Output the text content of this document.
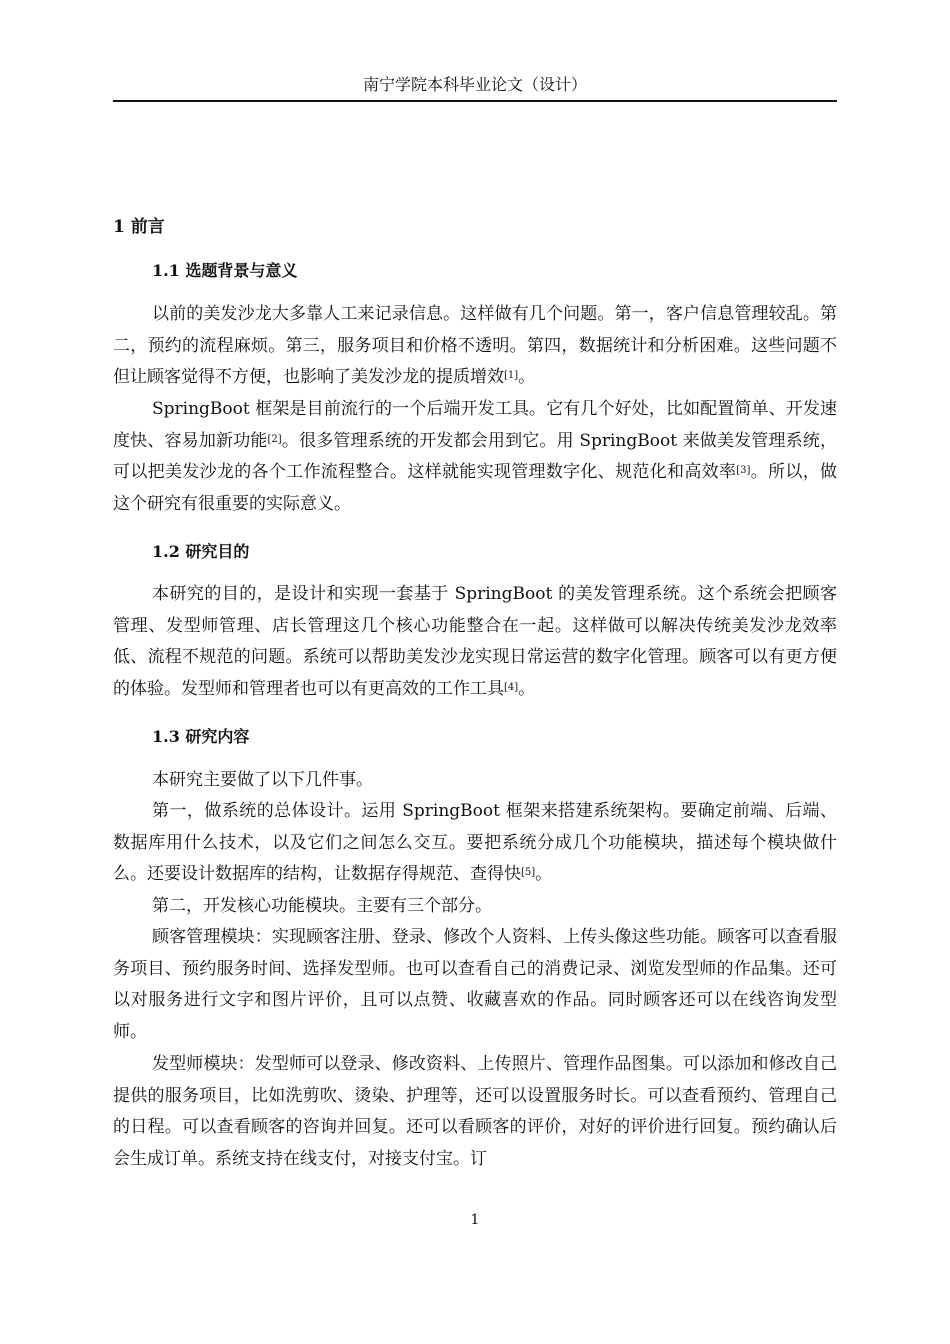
南宁学院本科毕业论文（设计）
1 前言
1.1 选题背景与意义
以前的美发沙龙大多靠人工来记录信息。这样做有几个问题。第一，客户信息管理较乱。第二，预约的流程麻烦。第三，服务项目和价格不透明。第四，数据统计和分析困难。这些问题不但让顾客觉得不方便，也影响了美发沙龙的提质增效[1]。
SpringBoot 框架是目前流行的一个后端开发工具。它有几个好处，比如配置简单、开发速度快、容易加新功能[2]。很多管理系统的开发都会用到它。用 SpringBoot 来做美发管理系统，可以把美发沙龙的各个工作流程整合。这样就能实现管理数字化、规范化和高效率[3]。所以，做这个研究有很重要的实际意义。
1.2 研究目的
本研究的目的，是设计和实现一套基于 SpringBoot 的美发管理系统。这个系统会把顾客管理、发型师管理、店长管理这几个核心功能整合在一起。这样做可以解决传统美发沙龙效率低、流程不规范的问题。系统可以帮助美发沙龙实现日常运营的数字化管理。顾客可以有更方便的体验。发型师和管理者也可以有更高效的工作工具[4]。
1.3 研究内容
本研究主要做了以下几件事。
第一，做系统的总体设计。运用 SpringBoot 框架来搭建系统架构。要确定前端、后端、数据库用什么技术，以及它们之间怎么交互。要把系统分成几个功能模块，描述每个模块做什么。还要设计数据库的结构，让数据存得规范、查得快[5]。
第二，开发核心功能模块。主要有三个部分。
顾客管理模块：实现顾客注册、登录、修改个人资料、上传头像这些功能。顾客可以查看服务项目、预约服务时间、选择发型师。也可以查看自己的消费记录、浏览发型师的作品集。还可以对服务进行文字和图片评价，且可以点赞、收藏喜欢的作品。同时顾客还可以在线咨询发型师。
发型师模块：发型师可以登录、修改资料、上传照片、管理作品图集。可以添加和修改自己提供的服务项目，比如洗剪吹、烫染、护理等，还可以设置服务时长。可以查看预约、管理自己的日程。可以查看顾客的咨询并回复。还可以看顾客的评价，对好的评价进行回复。预约确认后会生成订单。系统支持在线支付，对接支付宝。订
1
